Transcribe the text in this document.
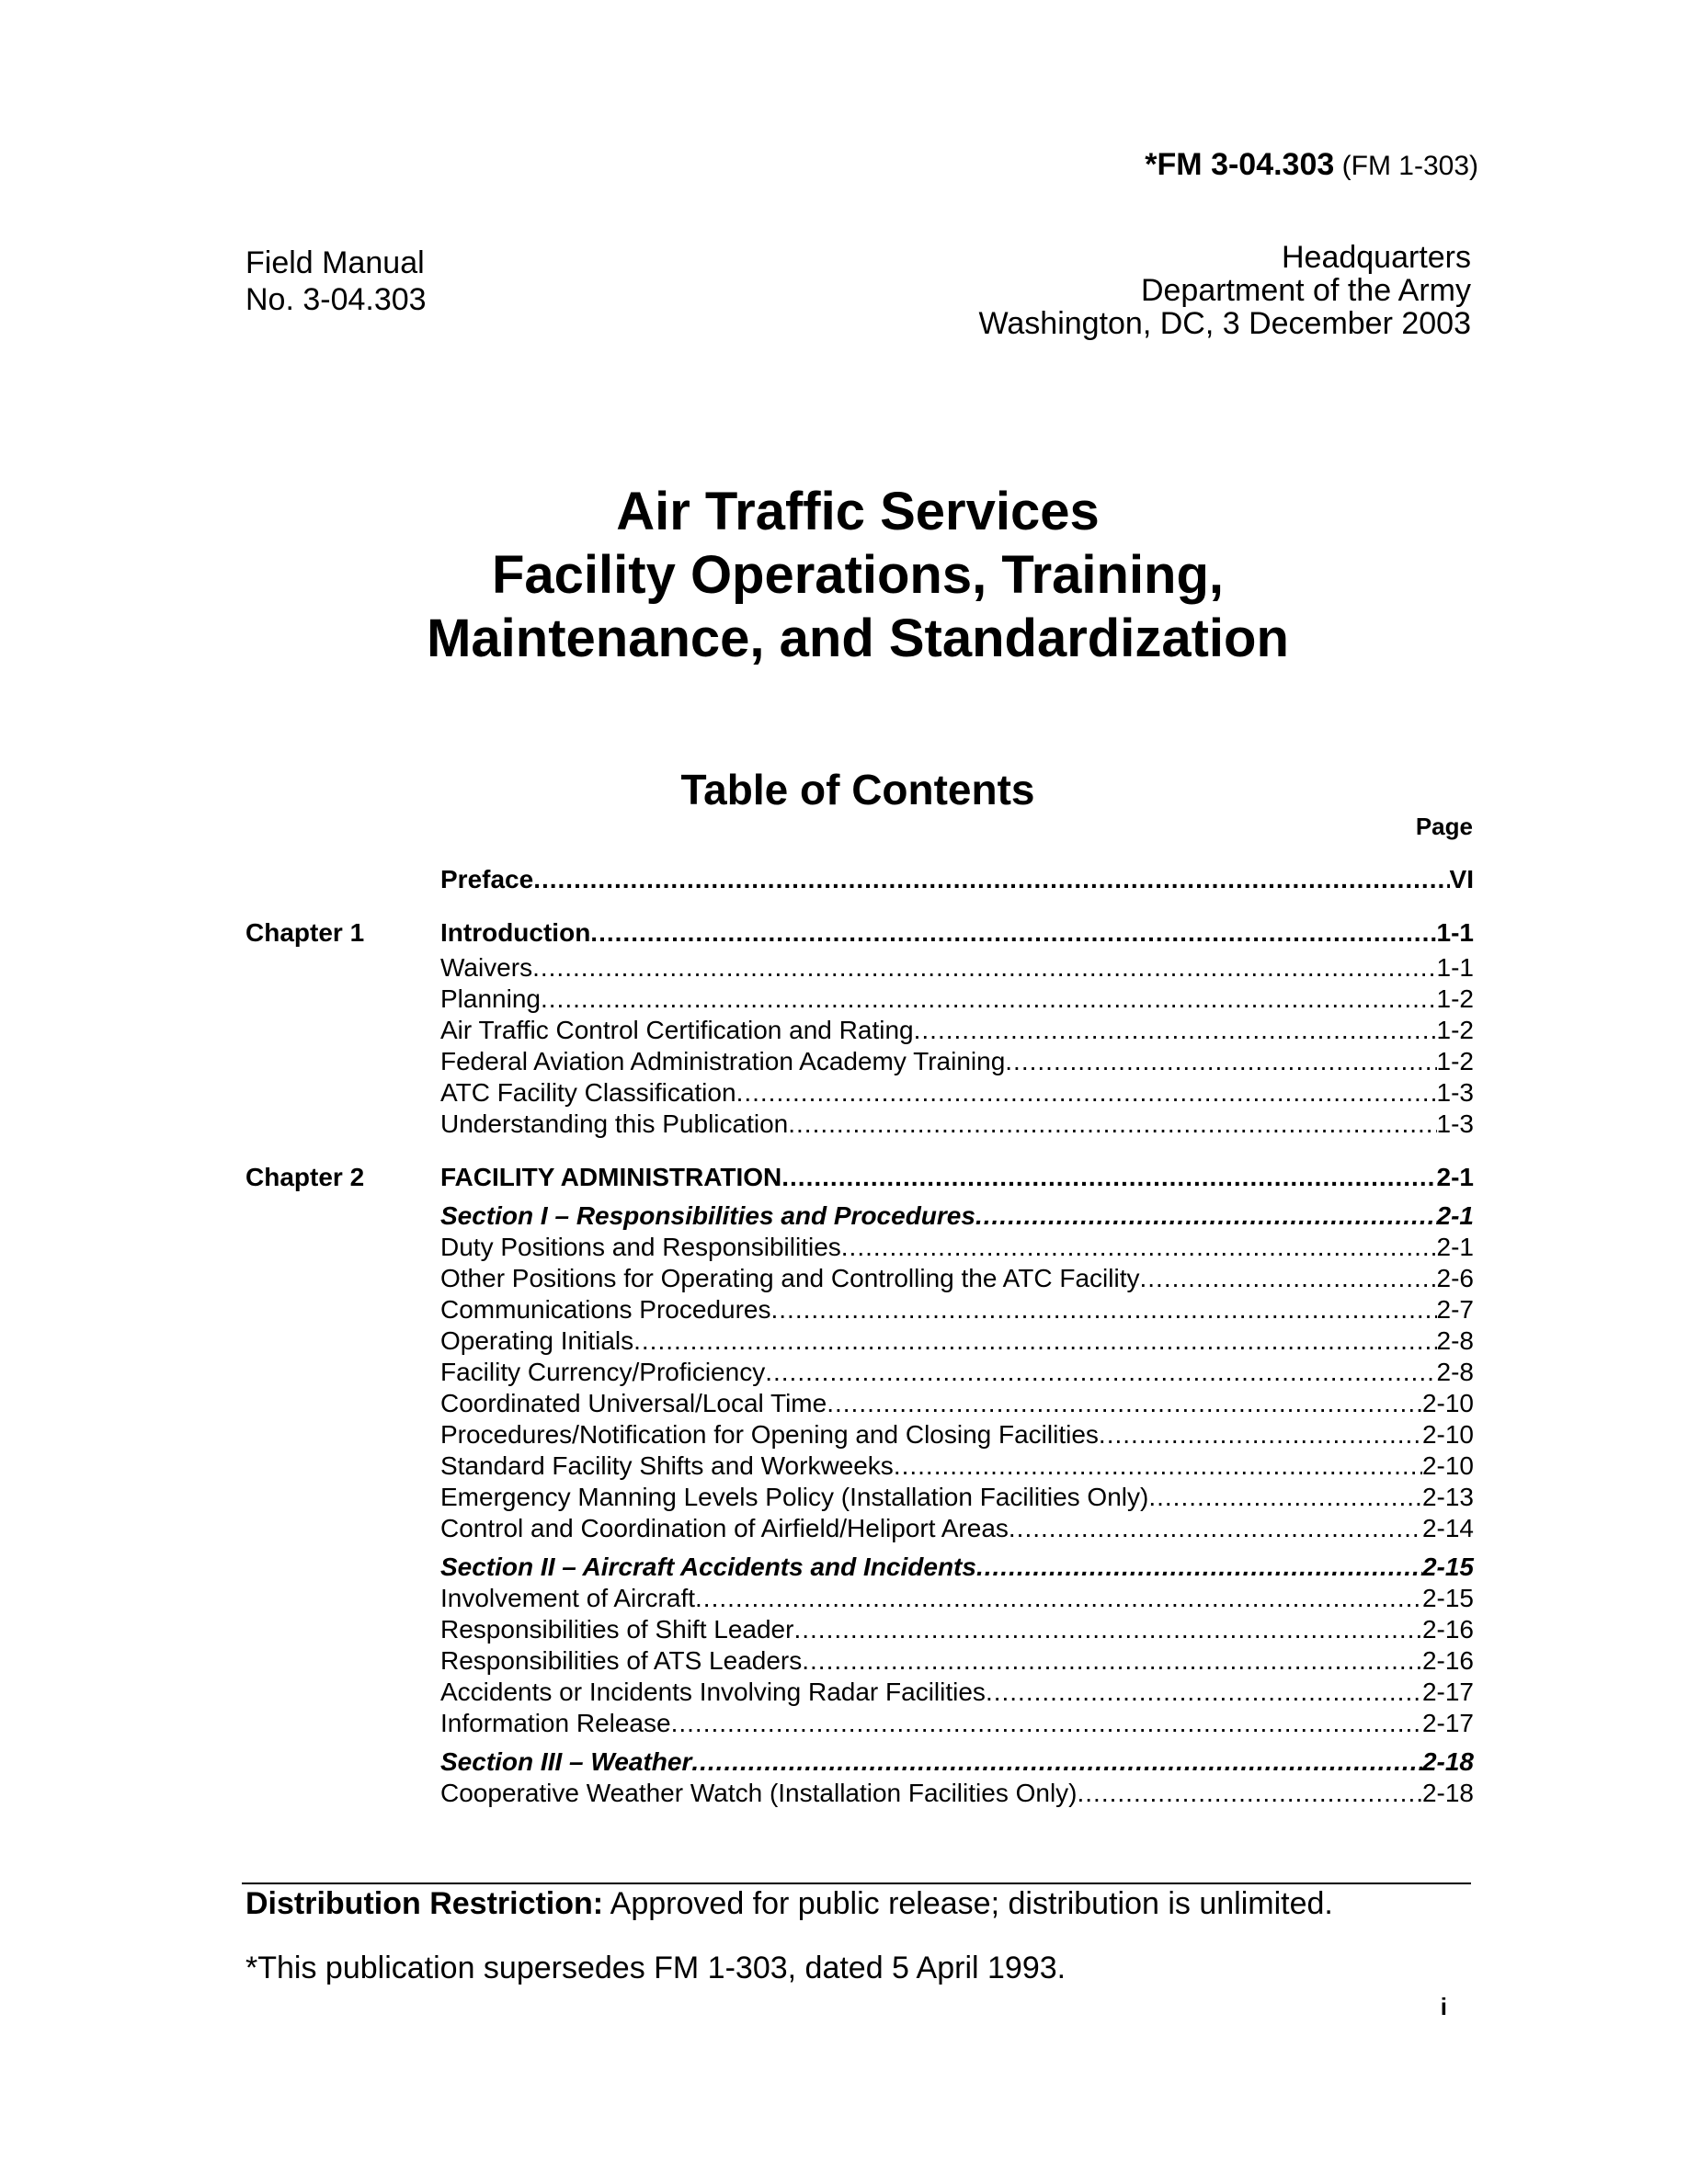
*FM 3-04.303 (FM 1-303)
Field Manual
No. 3-04.303
Headquarters
Department of the Army
Washington, DC, 3 December 2003
Air Traffic Services
Facility Operations, Training,
Maintenance, and Standardization
Table of Contents
Page
Preface .....	VI
Chapter 1	Introduction .....	1-1
Waivers .....	1-1
Planning .....	1-2
Air Traffic Control Certification and Rating .....	1-2
Federal Aviation Administration Academy Training .....	1-2
ATC Facility Classification .....	1-3
Understanding this Publication .....	1-3
Chapter 2	FACILITY ADMINISTRATION .....	2-1
Section I – Responsibilities and Procedures .....	2-1
Duty Positions and Responsibilities .....	2-1
Other Positions for Operating and Controlling the ATC Facility .....	2-6
Communications Procedures .....	2-7
Operating Initials .....	2-8
Facility Currency/Proficiency .....	2-8
Coordinated Universal/Local Time .....	2-10
Procedures/Notification for Opening and Closing Facilities .....	2-10
Standard Facility Shifts and Workweeks .....	2-10
Emergency Manning Levels Policy (Installation Facilities Only) .....	2-13
Control and Coordination of Airfield/Heliport Areas .....	2-14
Section II – Aircraft Accidents and Incidents .....	2-15
Involvement of Aircraft .....	2-15
Responsibilities of Shift Leader .....	2-16
Responsibilities of ATS Leaders .....	2-16
Accidents or Incidents Involving Radar Facilities .....	2-17
Information Release .....	2-17
Section III – Weather .....	2-18
Cooperative Weather Watch (Installation Facilities Only) .....	2-18
Distribution Restriction: Approved for public release; distribution is unlimited.
*This publication supersedes FM 1-303, dated 5 April 1993.
i
